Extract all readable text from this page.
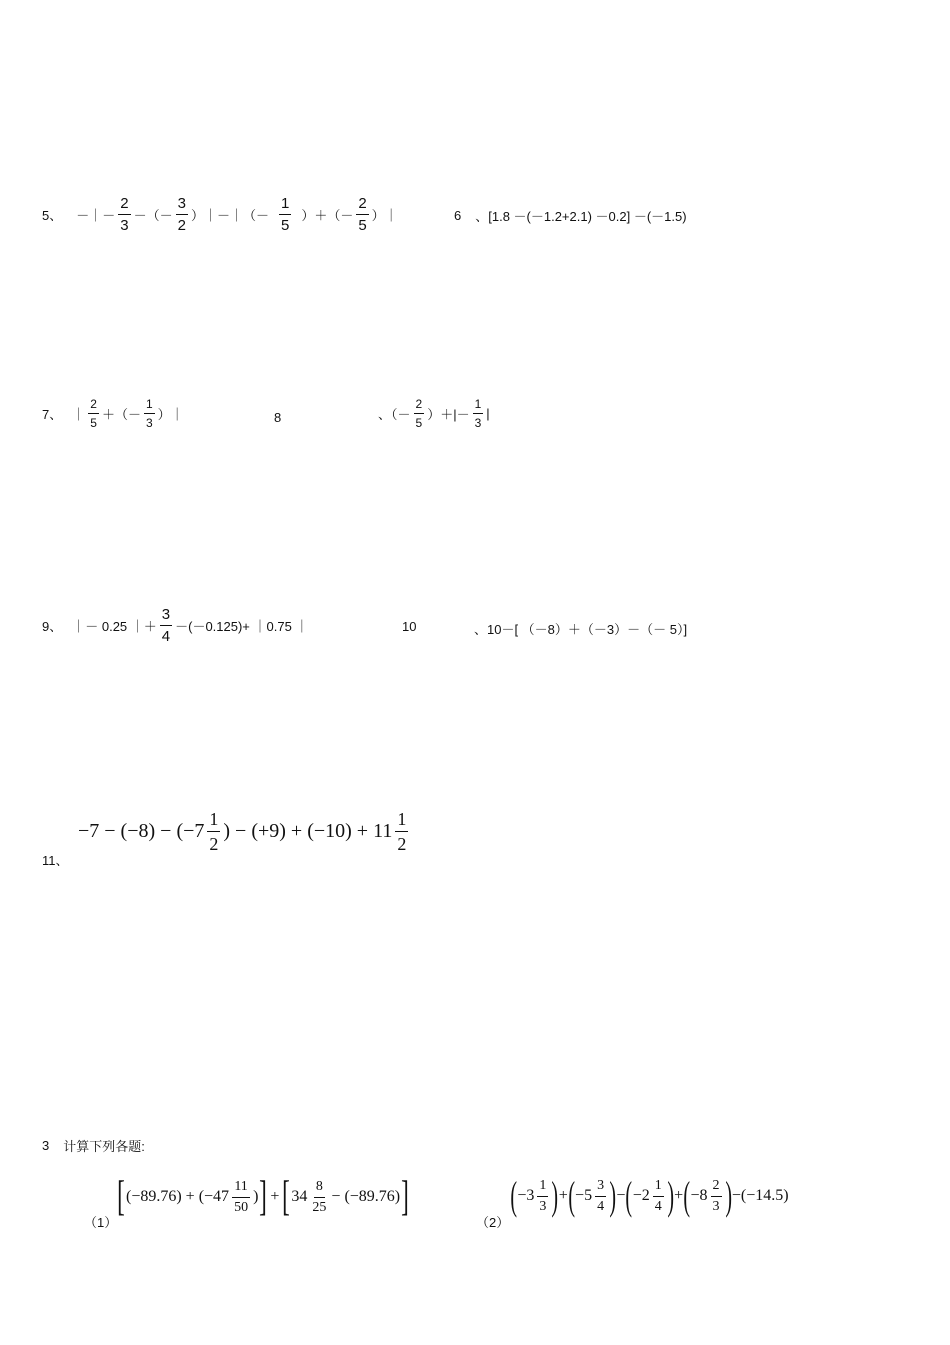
5、 －｜－ $\frac{2}{3}$ －（－ $\frac{3}{2}$ ）｜－｜（－ $\frac{1}{5}$ ）＋（－ $\frac{2}{5}$ ）｜	6 、[1.8 －(－1.2+2.1) －0.2] －(－1.5)
7、 ｜ $\frac{2}{5}$ ＋（－ $\frac{1}{3}$ ）｜	8	、（－ $\frac{2}{5}$ ）＋|－ $\frac{1}{3}$ |
9、 ｜－ 0.25 ｜＋ $\frac{3}{4} -(-0.125)+$ ｜0.75 ｜	10	、10－[ （－8）＋（－3）－（－ 5）]
11、
$-7 - (-8) - (-7 \frac{1}{2}$ ) − $(+9) + (-10) + 11 \frac{1}{2}$
3 计算下列各题:
（1）
[ $(-89.76) + (-47 \frac{11}{50}$ ) ] + [ $34 \frac{8}{25} - (-89.76)$ ]
（2）
( $-3 \frac{1}{3}$ ) + ( $-5 \frac{3}{4}$ ) − ( $-2 \frac{1}{4}$ ) + ( $-8 \frac{2}{3}$ ) − (−14.5)
